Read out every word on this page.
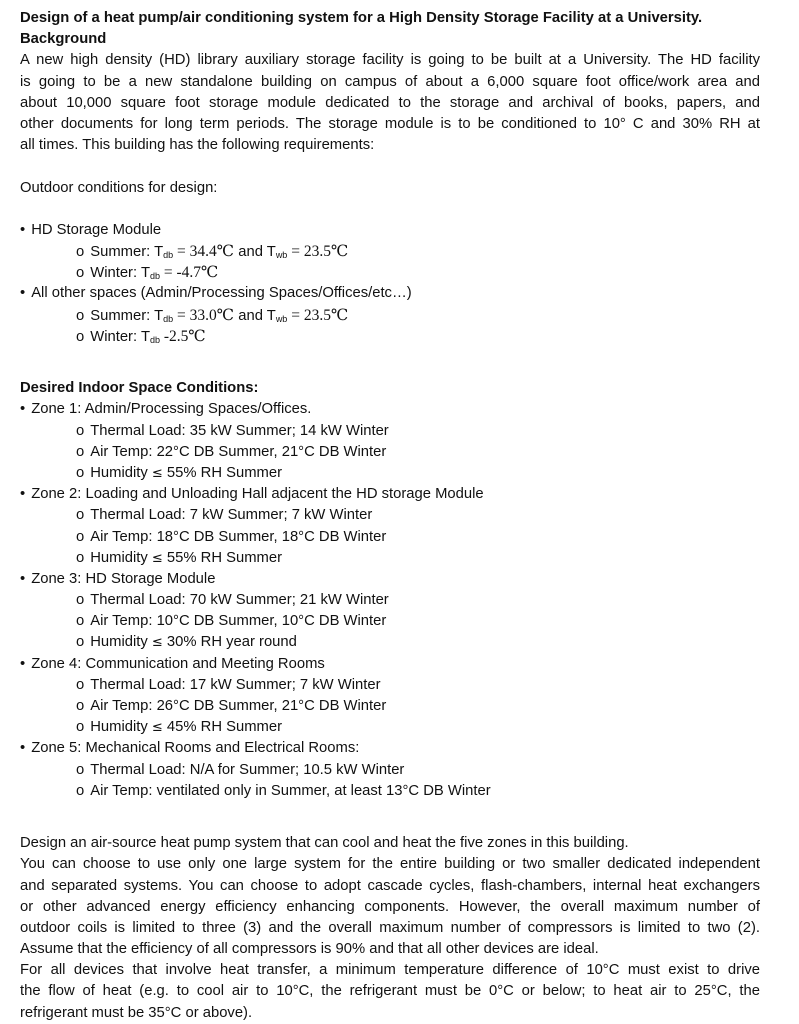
Design of a heat pump/air conditioning system for a High Density Storage Facility at a University.
Background
A new high density (HD) library auxiliary storage facility is going to be built at a University. The HD facility
is going to be a new standalone building on campus of about a 6,000 square foot office/work area and
about 10,000 square foot storage module dedicated to the storage and archival of books, papers, and
other documents for long term periods. The storage module is to be conditioned to 10° C and 30% RH at
all times. This building has the following requirements:
Outdoor conditions for design:
• HD Storage Module
o Summer: $T_{db}$ = 34.4℃ and $T_{wb}$ = 23.5℃
o Winter: $T_{db}$ = -4.7℃
• All other spaces (Admin/Processing Spaces/Offices/etc…)
o Summer: $T_{db}$ = 33.0℃ and $T_{wb}$ = 23.5℃
o Winter: $T_{db}$ -2.5℃
Desired Indoor Space Conditions:
• Zone 1: Admin/Processing Spaces/Offices.
o Thermal Load: 35 kW Summer; 14 kW Winter
o Air Temp: 22°C DB Summer, 21°C DB Winter
o Humidity ≤ 55% RH Summer
• Zone 2: Loading and Unloading Hall adjacent the HD storage Module
o Thermal Load: 7 kW Summer; 7 kW Winter
o Air Temp: 18°C DB Summer, 18°C DB Winter
o Humidity ≤ 55% RH Summer
• Zone 3: HD Storage Module
o Thermal Load: 70 kW Summer; 21 kW Winter
o Air Temp: 10°C DB Summer, 10°C DB Winter
o Humidity ≤ 30% RH year round
• Zone 4: Communication and Meeting Rooms
o Thermal Load: 17 kW Summer; 7 kW Winter
o Air Temp: 26°C DB Summer, 21°C DB Winter
o Humidity ≤ 45% RH Summer
• Zone 5: Mechanical Rooms and Electrical Rooms:
o Thermal Load: N/A for Summer; 10.5 kW Winter
o Air Temp: ventilated only in Summer, at least 13°C DB Winter
Design an air-source heat pump system that can cool and heat the five zones in this building.
You can choose to use only one large system for the entire building or two smaller dedicated independent
and separated systems. You can choose to adopt cascade cycles, flash-chambers, internal heat exchangers
or other advanced energy efficiency enhancing components. However, the overall maximum number of
outdoor coils is limited to three (3) and the overall maximum number of compressors is limited to two (2).
Assume that the efficiency of all compressors is 90% and that all other devices are ideal.
For all devices that involve heat transfer, a minimum temperature difference of 10°C must exist to drive
the flow of heat (e.g. to cool air to 10°C, the refrigerant must be 0°C or below; to heat air to 25°C, the
refrigerant must be 35°C or above).
